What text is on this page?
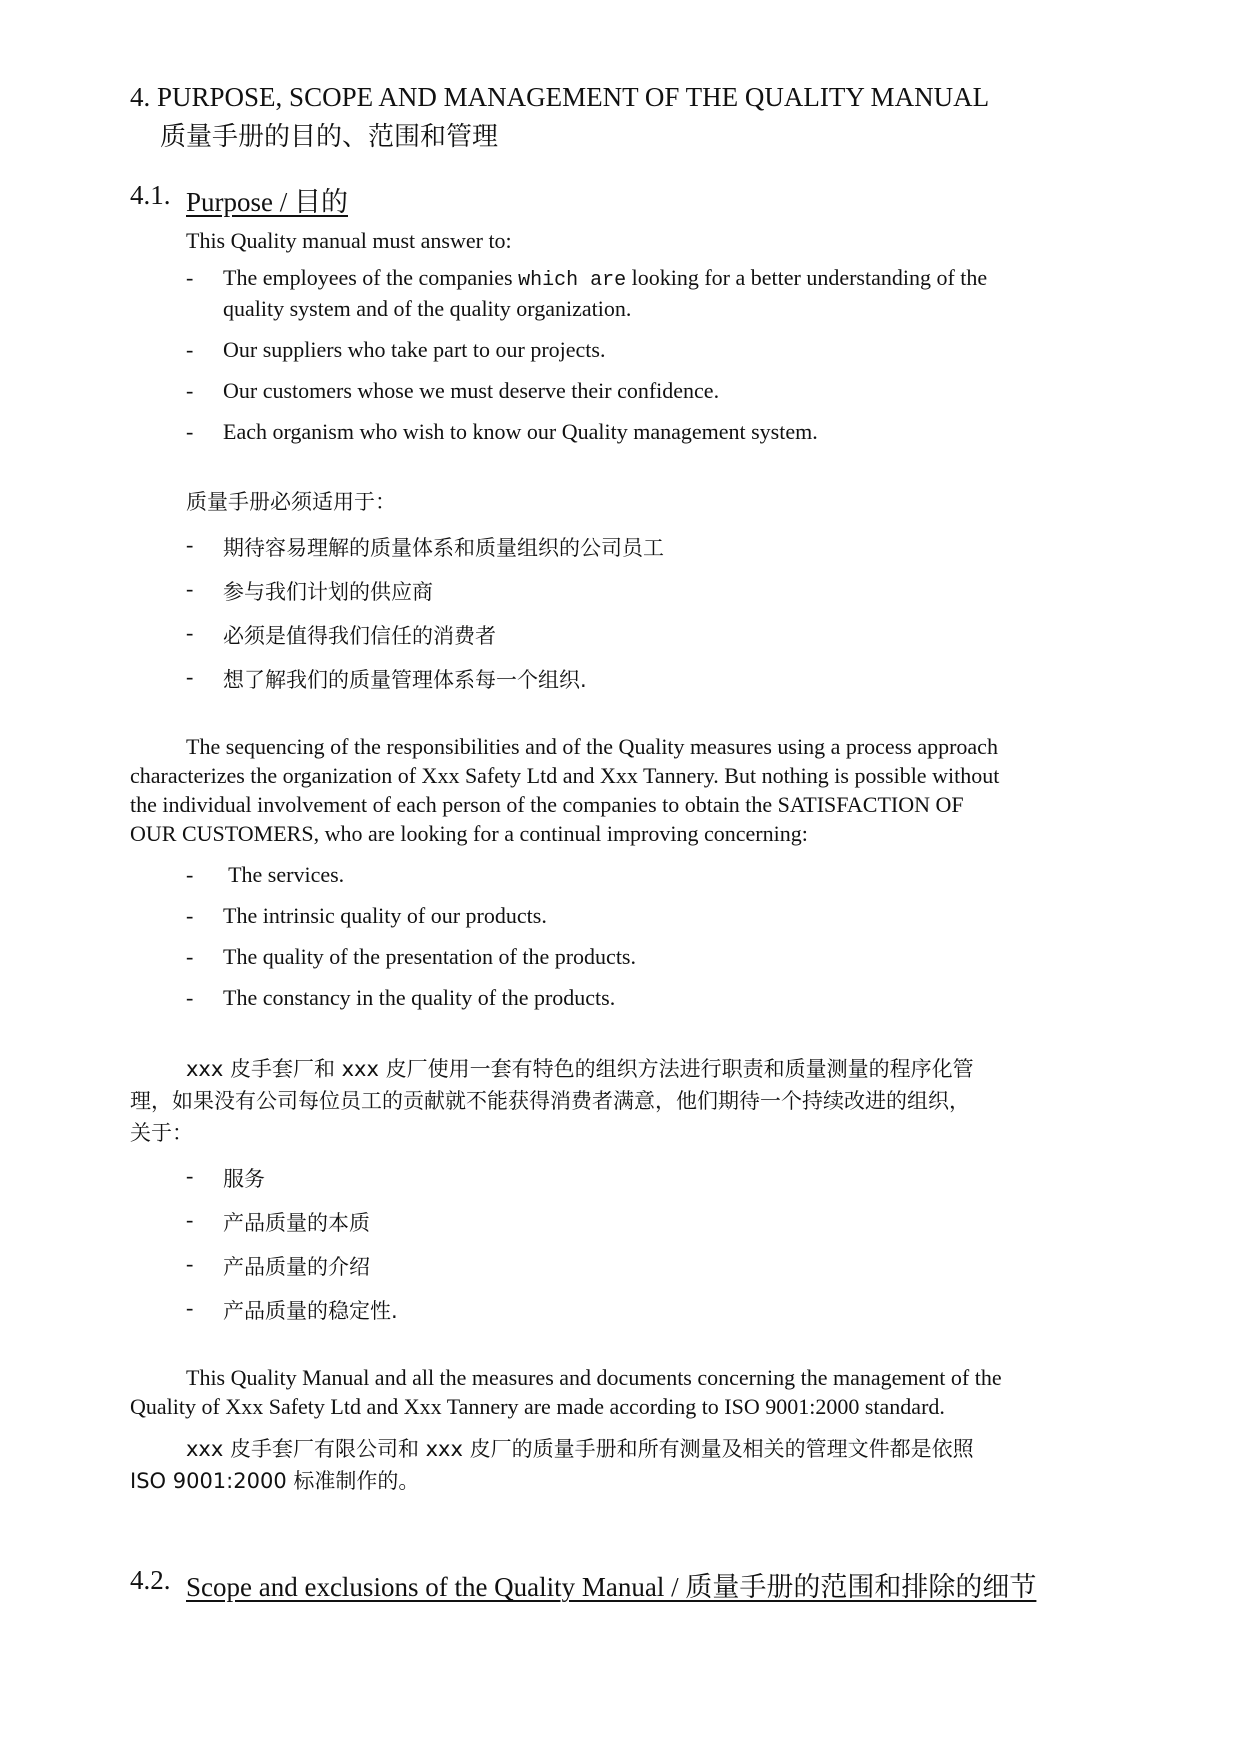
4. PURPOSE, SCOPE AND MANAGEMENT OF THE QUALITY MANUAL
质量手册的目的、范围和管理
4.1. Purpose / 目的
This Quality manual must answer to:
- The employees of the companies which are looking for a better understanding of the
quality system and of the quality organization.
- Our suppliers who take part to our projects.
- Our customers whose we must deserve their confidence.
- Each organism who wish to know our Quality management system.
质量手册必须适用于：
- 期待容易理解的质量体系和质量组织的公司员工
- 参与我们计划的供应商
- 必须是值得我们信任的消费者
- 想了解我们的质量管理体系每一个组织.
The sequencing of the responsibilities and of the Quality measures using a process approach
characterizes the organization of Xxx Safety Ltd and Xxx Tannery. But nothing is possible without
the individual involvement of each person of the companies to obtain the SATISFACTION OF
OUR CUSTOMERS, who are looking for a continual improving concerning:
- The services.
- The intrinsic quality of our products.
- The quality of the presentation of the products.
- The constancy in the quality of the products.
xxx 皮手套厂和 xxx 皮厂使用一套有特色的组织方法进行职责和质量测量的程序化管
理，如果没有公司每位员工的贡献就不能获得消费者满意，他们期待一个持续改进的组织，
关于：
- 服务
- 产品质量的本质
- 产品质量的介绍
- 产品质量的稳定性.
This Quality Manual and all the measures and documents concerning the management of the
Quality of Xxx Safety Ltd and Xxx Tannery are made according to ISO 9001:2000 standard.
xxx 皮手套厂有限公司和 xxx 皮厂的质量手册和所有测量及相关的管理文件都是依照
ISO 9001:2000 标准制作的。
4.2. Scope and exclusions of the Quality Manual / 质量手册的范围和排除的细节
